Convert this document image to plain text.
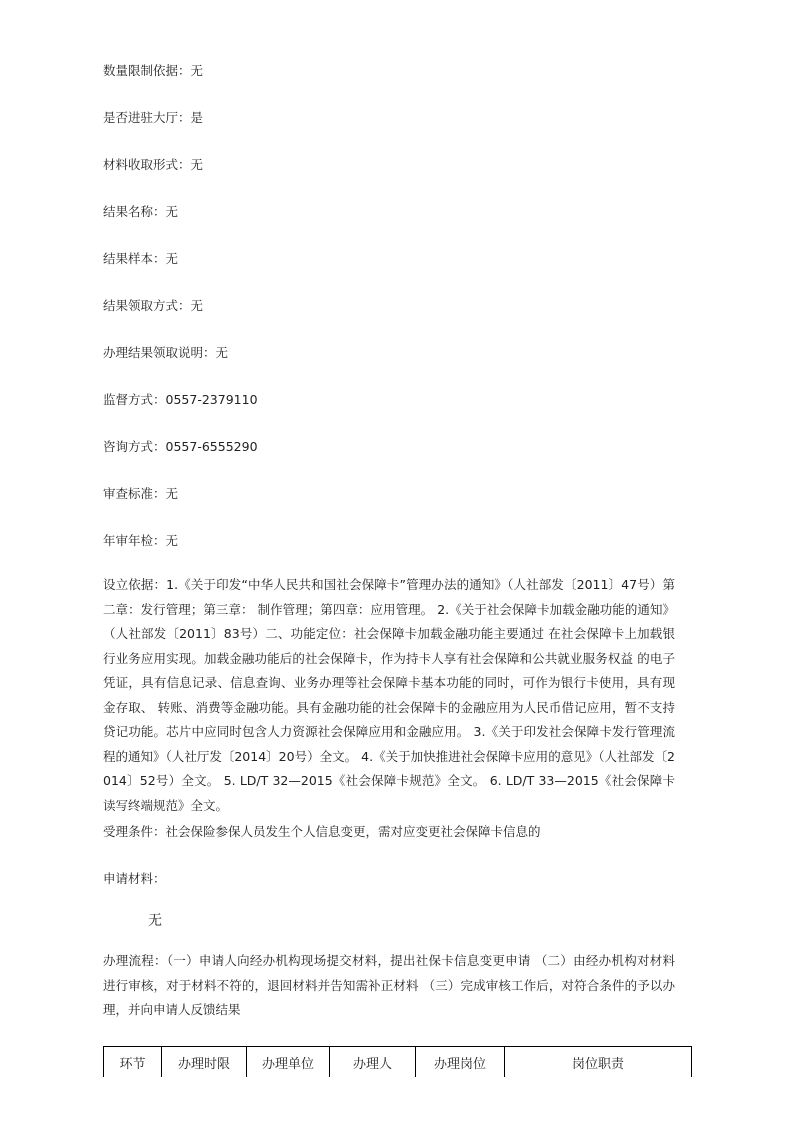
数量限制依据：无
是否进驻大厅：是
材料收取形式：无
结果名称：无
结果样本：无
结果领取方式：无
办理结果领取说明：无
监督方式：0557-2379110
咨询方式：0557-6555290
审查标准：无
年审年检：无
设立依据：1.《关于印发“中华人民共和国社会保障卡”管理办法的通知》（人社部发〔2011〕47号）第二章：发行管理；第三章： 制作管理；第四章：应用管理。 2.《关于社会保障卡加载金融功能的通知》（人社部发〔2011〕83号）二、功能定位：社会保障卡加载金融功能主要通过 在社会保障卡上加载银行业务应用实现。加载金融功能后的社会保障卡，作为持卡人享有社会保障和公共就业服务权益 的电子凭证，具有信息记录、信息查询、业务办理等社会保障卡基本功能的同时，可作为银行卡使用，具有现金存取、 转账、消费等金融功能。具有金融功能的社会保障卡的金融应用为人民币借记应用，暂不支持贷记功能。芯片中应同时包含人力资源社会保障应用和金融应用。 3.《关于印发社会保障卡发行管理流程的通知》（人社厅发〔2014〕20号）全文。 4.《关于加快推进社会保障卡应用的意见》（人社部发〔2014〕52号）全文。 5. LD/T 32—2015《社会保障卡规范》全文。 6. LD/T 33—2015《社会保障卡读写终端规范》全文。
受理条件：社会保险参保人员发生个人信息变更，需对应变更社会保障卡信息的
申请材料：
无
办理流程：（一）申请人向经办机构现场提交材料，提出社保卡信息变更申请 （二）由经办机构对材料进行审核，对于材料不符的，退回材料并告知需补正材料 （三）完成审核工作后，对符合条件的予以办理，并向申请人反馈结果
环节	办理时限	办理单位	办理人	办理岗位	岗位职责
